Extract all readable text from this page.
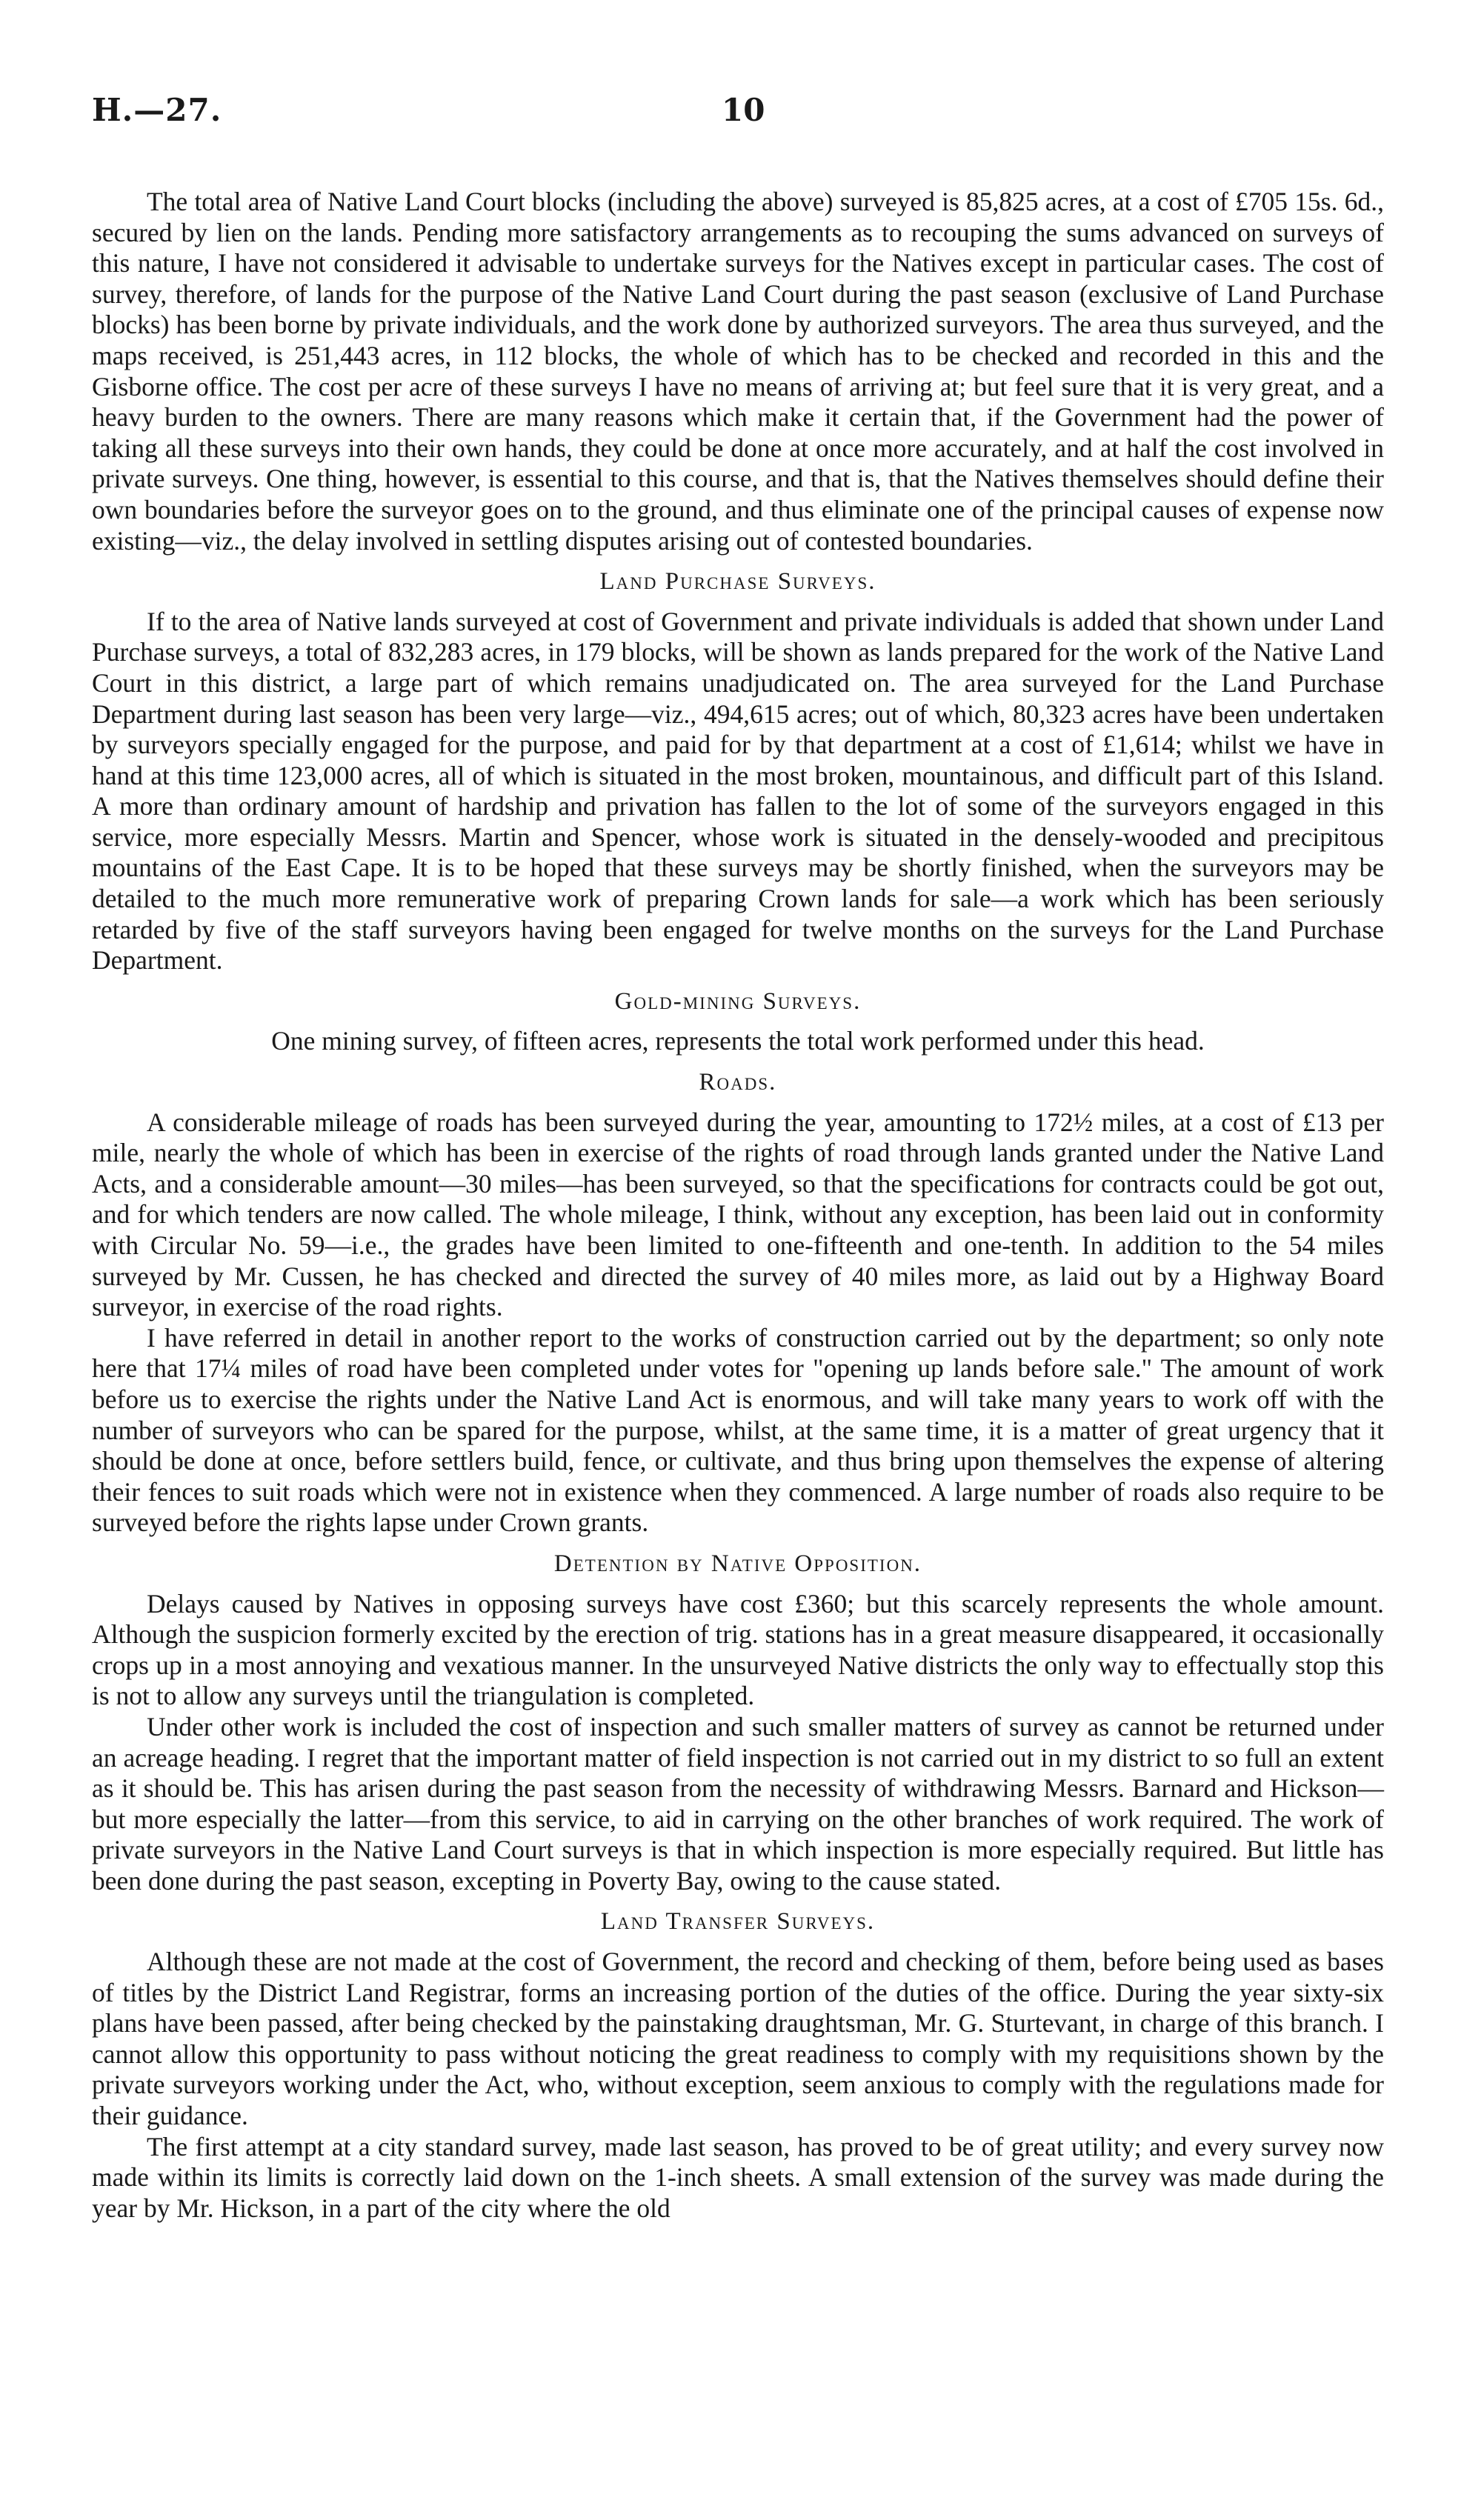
H.—27.	10

The total area of Native Land Court blocks (including the above) surveyed is 85,825 acres, at a cost of £705 15s. 6d., secured by lien on the lands. Pending more satisfactory arrangements as to recouping the sums advanced on surveys of this nature, I have not considered it advisable to undertake surveys for the Natives except in particular cases. The cost of survey, therefore, of lands for the purpose of the Native Land Court during the past season (exclusive of Land Purchase blocks) has been borne by private individuals, and the work done by authorized surveyors. The area thus surveyed, and the maps received, is 251,443 acres, in 112 blocks, the whole of which has to be checked and recorded in this and the Gisborne office. The cost per acre of these surveys I have no means of arriving at; but feel sure that it is very great, and a heavy burden to the owners. There are many reasons which make it certain that, if the Government had the power of taking all these surveys into their own hands, they could be done at once more accurately, and at half the cost involved in private surveys. One thing, however, is essential to this course, and that is, that the Natives themselves should define their own boundaries before the surveyor goes on to the ground, and thus eliminate one of the principal causes of expense now existing—viz., the delay involved in settling disputes arising out of contested boundaries.

Land Purchase Surveys.

If to the area of Native lands surveyed at cost of Government and private individuals is added that shown under Land Purchase surveys, a total of 832,283 acres, in 179 blocks, will be shown as lands prepared for the work of the Native Land Court in this district, a large part of which remains unadjudicated on. The area surveyed for the Land Purchase Department during last season has been very large—viz., 494,615 acres; out of which, 80,323 acres have been undertaken by surveyors specially engaged for the purpose, and paid for by that department at a cost of £1,614; whilst we have in hand at this time 123,000 acres, all of which is situated in the most broken, mountainous, and difficult part of this Island. A more than ordinary amount of hardship and privation has fallen to the lot of some of the surveyors engaged in this service, more especially Messrs. Martin and Spencer, whose work is situated in the densely-wooded and precipitous mountains of the East Cape. It is to be hoped that these surveys may be shortly finished, when the surveyors may be detailed to the much more remunerative work of preparing Crown lands for sale—a work which has been seriously retarded by five of the staff surveyors having been engaged for twelve months on the surveys for the Land Purchase Department.

Gold-mining Surveys.

One mining survey, of fifteen acres, represents the total work performed under this head.

Roads.

A considerable mileage of roads has been surveyed during the year, amounting to 172½ miles, at a cost of £13 per mile, nearly the whole of which has been in exercise of the rights of road through lands granted under the Native Land Acts, and a considerable amount—30 miles—has been surveyed, so that the specifications for contracts could be got out, and for which tenders are now called. The whole mileage, I think, without any exception, has been laid out in conformity with Circular No. 59—i.e., the grades have been limited to one-fifteenth and one-tenth. In addition to the 54 miles surveyed by Mr. Cussen, he has checked and directed the survey of 40 miles more, as laid out by a Highway Board surveyor, in exercise of the road rights.

I have referred in detail in another report to the works of construction carried out by the department; so only note here that 17¼ miles of road have been completed under votes for "opening up lands before sale." The amount of work before us to exercise the rights under the Native Land Act is enormous, and will take many years to work off with the number of surveyors who can be spared for the purpose, whilst, at the same time, it is a matter of great urgency that it should be done at once, before settlers build, fence, or cultivate, and thus bring upon themselves the expense of altering their fences to suit roads which were not in existence when they commenced. A large number of roads also require to be surveyed before the rights lapse under Crown grants.

Detention by Native Opposition.

Delays caused by Natives in opposing surveys have cost £360; but this scarcely represents the whole amount. Although the suspicion formerly excited by the erection of trig. stations has in a great measure disappeared, it occasionally crops up in a most annoying and vexatious manner. In the unsurveyed Native districts the only way to effectually stop this is not to allow any surveys until the triangulation is completed.

Under other work is included the cost of inspection and such smaller matters of survey as cannot be returned under an acreage heading. I regret that the important matter of field inspection is not carried out in my district to so full an extent as it should be. This has arisen during the past season from the necessity of withdrawing Messrs. Barnard and Hickson—but more especially the latter—from this service, to aid in carrying on the other branches of work required. The work of private surveyors in the Native Land Court surveys is that in which inspection is more especially required. But little has been done during the past season, excepting in Poverty Bay, owing to the cause stated.

Land Transfer Surveys.

Although these are not made at the cost of Government, the record and checking of them, before being used as bases of titles by the District Land Registrar, forms an increasing portion of the duties of the office. During the year sixty-six plans have been passed, after being checked by the painstaking draughtsman, Mr. G. Sturtevant, in charge of this branch. I cannot allow this opportunity to pass without noticing the great readiness to comply with my requisitions shown by the private surveyors working under the Act, who, without exception, seem anxious to comply with the regulations made for their guidance.

The first attempt at a city standard survey, made last season, has proved to be of great utility; and every survey now made within its limits is correctly laid down on the 1-inch sheets. A small extension of the survey was made during the year by Mr. Hickson, in a part of the city where the old
